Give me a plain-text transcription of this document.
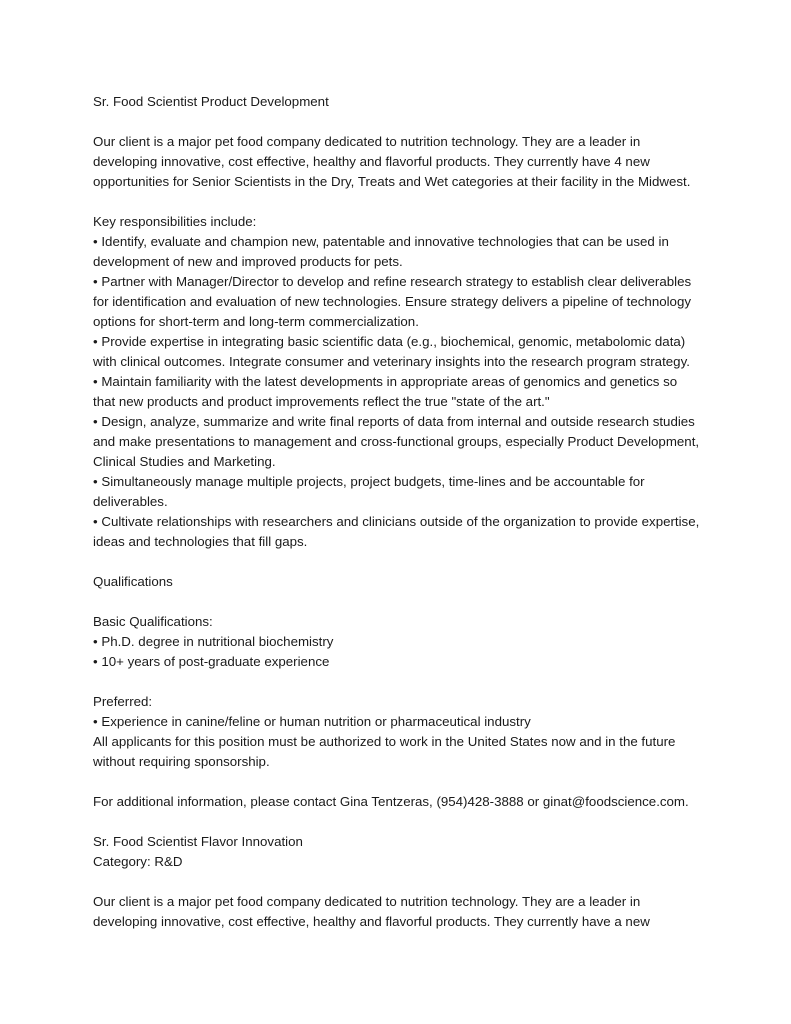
Sr. Food Scientist Product Development
Our client is a major pet food company dedicated to nutrition technology. They are a leader in
developing innovative, cost effective, healthy and flavorful products. They currently have 4 new
opportunities for Senior Scientists in the Dry, Treats and Wet categories at their facility in the Midwest.
Key responsibilities include:
• Identify, evaluate and champion new, patentable and innovative technologies that can be used in
development of new and improved products for pets.
• Partner with Manager/Director to develop and refine research strategy to establish clear deliverables
for identification and evaluation of new technologies. Ensure strategy delivers a pipeline of technology
options for short-term and long-term commercialization.
• Provide expertise in integrating basic scientific data (e.g., biochemical, genomic, metabolomic data)
with clinical outcomes. Integrate consumer and veterinary insights into the research program strategy.
• Maintain familiarity with the latest developments in appropriate areas of genomics and genetics so
that new products and product improvements reflect the true "state of the art."
• Design, analyze, summarize and write final reports of data from internal and outside research studies
and make presentations to management and cross-functional groups, especially Product Development,
Clinical Studies and Marketing.
• Simultaneously manage multiple projects, project budgets, time-lines and be accountable for
deliverables.
• Cultivate relationships with researchers and clinicians outside of the organization to provide expertise,
ideas and technologies that fill gaps.
Qualifications
Basic Qualifications:
• Ph.D. degree in nutritional biochemistry
• 10+ years of post-graduate experience
Preferred:
• Experience in canine/feline or human nutrition or pharmaceutical industry
All applicants for this position must be authorized to work in the United States now and in the future
without requiring sponsorship.
For additional information, please contact Gina Tentzeras, (954)428-3888 or ginat@foodscience.com.
Sr. Food Scientist Flavor Innovation
Category: R&D
Our client is a major pet food company dedicated to nutrition technology. They are a leader in
developing innovative, cost effective, healthy and flavorful products. They currently have a new
